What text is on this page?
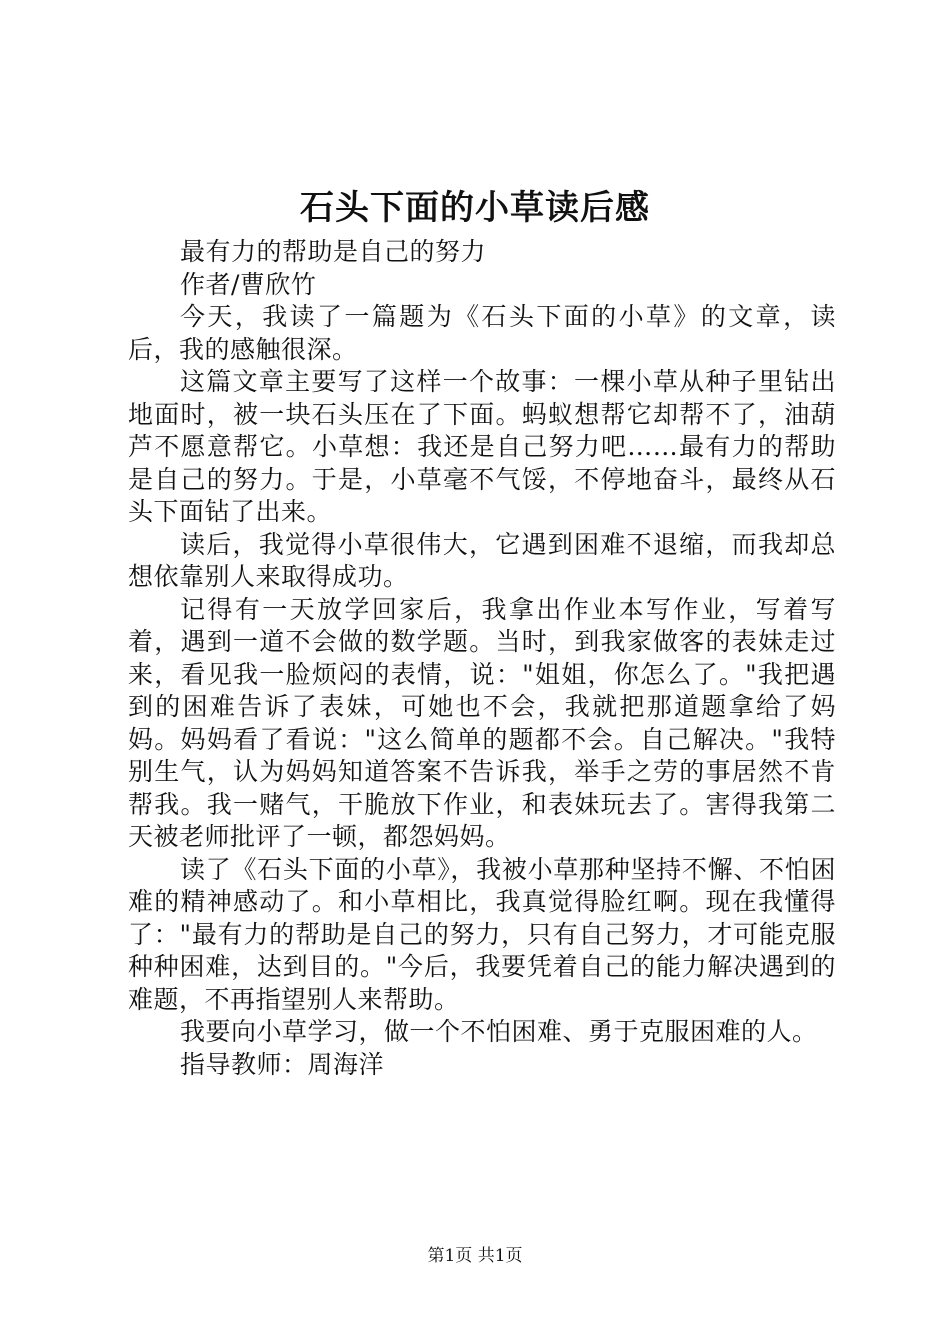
石头下面的小草读后感

最有力的帮助是自己的努力

作者/曹欣竹

今天，我读了一篇题为《石头下面的小草》的文章，读后，我的感触很深。

这篇文章主要写了这样一个故事：一棵小草从种子里钻出地面时，被一块石头压在了下面。蚂蚁想帮它却帮不了，油葫芦不愿意帮它。小草想：我还是自己努力吧……最有力的帮助是自己的努力。于是，小草毫不气馁，不停地奋斗，最终从石头下面钻了出来。

读后，我觉得小草很伟大，它遇到困难不退缩，而我却总想依靠别人来取得成功。

记得有一天放学回家后，我拿出作业本写作业，写着写着，遇到一道不会做的数学题。当时，到我家做客的表妹走过来，看见我一脸烦闷的表情，说："姐姐，你怎么了。"我把遇到的困难告诉了表妹，可她也不会，我就把那道题拿给了妈妈。妈妈看了看说："这么简单的题都不会。自己解决。"我特别生气，认为妈妈知道答案不告诉我，举手之劳的事居然不肯帮我。我一赌气，干脆放下作业，和表妹玩去了。害得我第二天被老师批评了一顿，都怨妈妈。

读了《石头下面的小草》，我被小草那种坚持不懈、不怕困难的精神感动了。和小草相比，我真觉得脸红啊。现在我懂得了："最有力的帮助是自己的努力，只有自己努力，才可能克服种种困难，达到目的。"今后，我要凭着自己的能力解决遇到的难题，不再指望别人来帮助。

我要向小草学习，做一个不怕困难、勇于克服困难的人。

指导教师：周海洋

第1页 共1页
